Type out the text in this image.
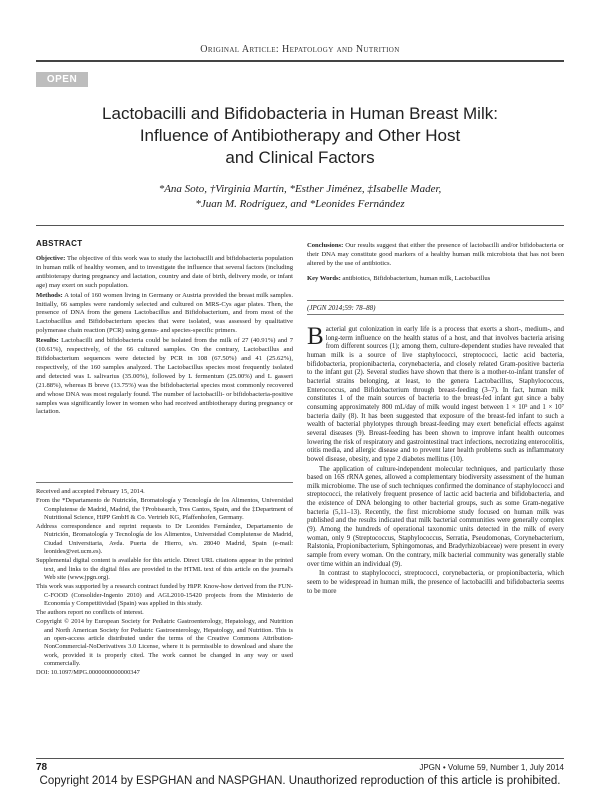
Original Article: Hepatology and Nutrition
OPEN
Lactobacilli and Bifidobacteria in Human Breast Milk:
Influence of Antibiotherapy and Other Host
and Clinical Factors
*Ana Soto, †Virginia Martín, *Esther Jiménez, ‡Isabelle Mader,
*Juan M. Rodríguez, and *Leonides Fernández
ABSTRACT

Objective: The objective of this work was to study the lactobacilli and bifidobacteria population in human milk of healthy women, and to investigate the influence that several factors (including antibioterapy during pregnancy and lactation, country and date of birth, delivery mode, or infant age) may exert on such population.

Methods: A total of 160 women living in Germany or Austria provided the breast milk samples. Initially, 66 samples were randomly selected and cultured on MRS-Cys agar plates. Then, the presence of DNA from the genera Lactobacillus and Bifidobacterium, and from most of the Lactobacillus and Bifidobacterium species that were isolated, was assessed by qualitative polymerase chain reaction (PCR) using genus- and species-specific primers.

Results: Lactobacilli and bifidobacteria could be isolated from the milk of 27 (40.91%) and 7 (10.61%), respectively, of the 66 cultured samples. On the contrary, Lactobacillus and Bifidobacterium sequences were detected by PCR in 108 (67.50%) and 41 (25.62%), respectively, of the 160 samples analyzed. The Lactobacillus species most frequently isolated and detected was L salivarius (35.00%), followed by L fermentum (25.00%) and L gasseri (21.88%), whereas B breve (13.75%) was the bifidobacterial species most commonly recovered and whose DNA was most regularly found. The number of lactobacilli- or bifidobacteria-positive samples was significantly lower in women who had received antibiotherapy during pregnancy or lactation.

Received and accepted February 15, 2014.

From the *Departamento de Nutrición, Bromatología y Tecnología de los Alimentos, Universidad Complutense de Madrid, Madrid, the †Probisearch, Tres Cantos, Spain, and the ‡Department of Nutritional Science, HiPP GmbH & Co. Vertrieb KG, Pfaffenhofen, Germany.

Address correspondence and reprint requests to Dr Leonides Fernández, Departamento de Nutrición, Bromatología y Tecnología de los Alimentos, Universidad Complutense de Madrid, Ciudad Universitaria, Avda. Puerta de Hierro, s/n. 28040 Madrid, Spain (e-mail: leonides@vet.ucm.es).

Supplemental digital content is available for this article. Direct URL citations appear in the printed text, and links to the digital files are provided in the HTML text of this article on the journal's Web site (www.jpgn.org).

This work was supported by a research contract funded by HiPP. Know-how derived from the FUN-C-FOOD (Consolider-Ingenio 2010) and AGL2010-15420 projects from the Ministerio de Economía y Competitividad (Spain) was applied in this study.

The authors report no conflicts of interest.

Copyright © 2014 by European Society for Pediatric Gastroenterology, Hepatology, and Nutrition and North American Society for Pediatric Gastroenterology, Hepatology, and Nutrition. This is an open-access article distributed under the terms of the Creative Commons Attribution-NonCommercial-NoDerivatives 3.0 License, where it is permissible to download and share the work, provided it is properly cited. The work cannot be changed in any way or used commercially.

DOI: 10.1097/MPG.0000000000000347

Conclusions: Our results suggest that either the presence of lactobacilli and/or bifidobacteria or their DNA may constitute good markers of a healthy human milk microbiota that has not been altered by the use of antibiotics.

Key Words: antibiotics, Bifidobacterium, human milk, Lactobacillus

(JPGN 2014;59: 78–88)

Bacterial gut colonization in early life is a process that exerts a short-, medium-, and long-term influence on the health status of a host, and that involves bacteria arising from different sources (1); among them, culture-dependent studies have revealed that human milk is a source of live staphylococci, streptococci, lactic acid bacteria, bifidobacteria, propionibacteria, corynebacteria, and closely related Gram-positive bacteria to the infant gut (2). Several studies have shown that there is a mother-to-infant transfer of bacterial strains belonging, at least, to the genera Lactobacillus, Staphylococcus, Enterococcus, and Bifidobacterium through breast-feeding (3–7). In fact, human milk constitutes 1 of the main sources of bacteria to the breast-fed infant gut since a baby consuming approximately 800 mL/day of milk would ingest between 1 × 10⁵ and 1 × 10⁷ bacteria daily (8). It has been suggested that exposure of the breast-fed infant to such a wealth of bacterial phylotypes through breast-feeding may exert beneficial effects against several diseases (9). Breast-feeding has been shown to improve infant health outcomes lowering the risk of respiratory and gastrointestinal tract infections, necrotizing enterocolitis, otitis media, and allergic disease and to prevent later health problems such as inflammatory bowel disease, obesity, and type 2 diabetes mellitus (10).

The application of culture-independent molecular techniques, and particularly those based on 16S rRNA genes, allowed a complementary biodiversity assessment of the human milk microbiome. The use of such techniques confirmed the dominance of staphylococci and streptococci, the relatively frequent presence of lactic acid bacteria and bifidobacteria, and the existence of DNA belonging to other bacterial groups, such as some Gram-negative bacteria (5,11–13). Recently, the first microbiome study focused on human milk was published and the results indicated that milk bacterial communities were generally complex (9). Among the hundreds of operational taxonomic units detected in the milk of every woman, only 9 (Streptococcus, Staphylococcus, Serratia, Pseudomonas, Corynebacterium, Ralstonia, Propionibacterium, Sphingomonas, and Bradyrhizobiaceae) were present in every sample from every woman. On the contrary, milk bacterial community was generally stable over time within an individual (9).

In contrast to staphylococci, streptococci, corynebacteria, or propionibacteria, which seem to be widespread in human milk, the presence of lactobacilli and bifidobacteria seems to be more

78	JPGN • Volume 59, Number 1, July 2014
Copyright 2014 by ESPGHAN and NASPGHAN. Unauthorized reproduction of this article is prohibited.
